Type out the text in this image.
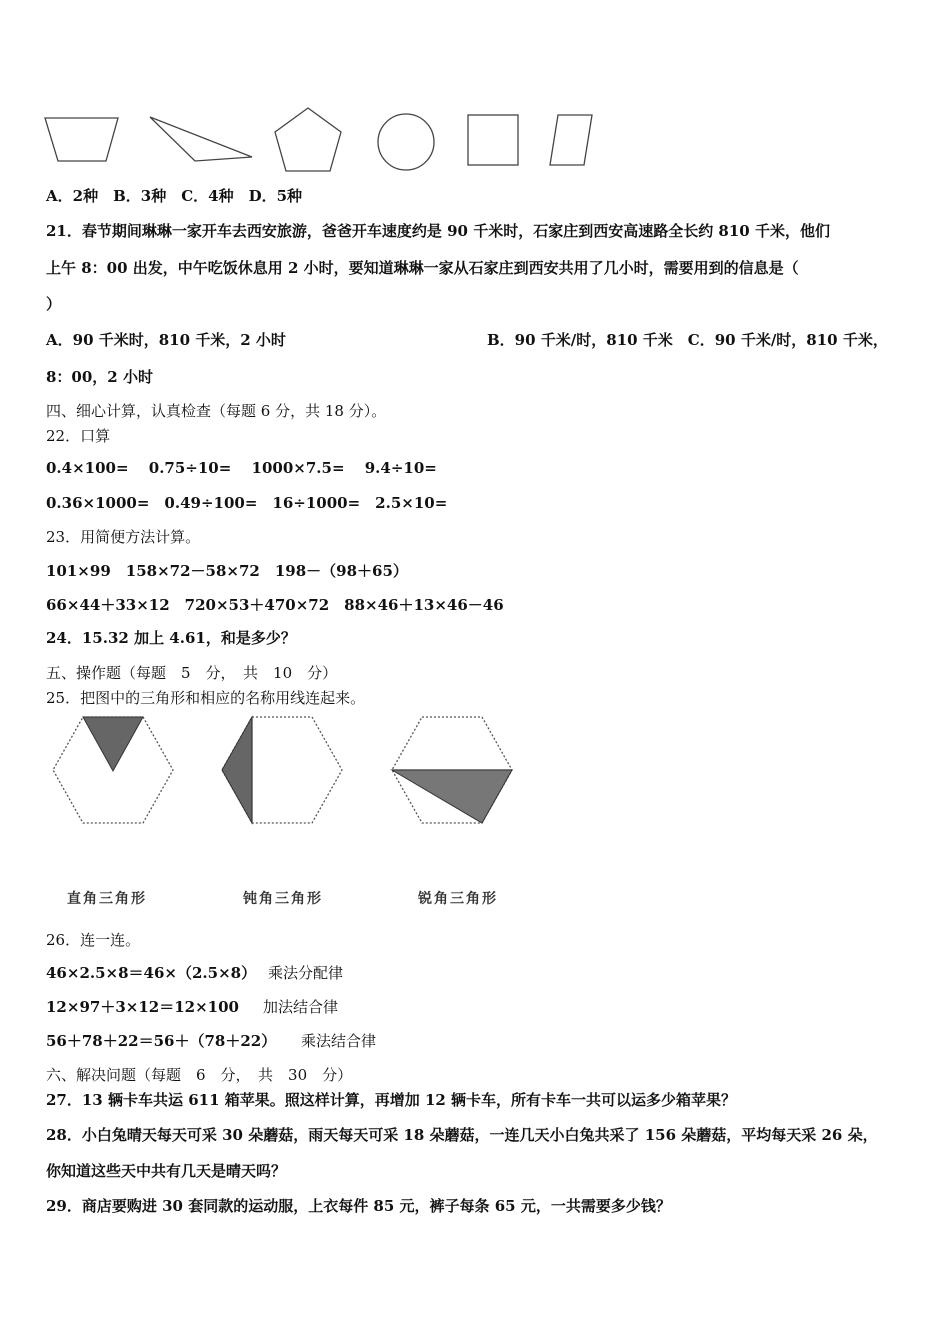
A．2种　B．3种　C．4种　D．5种
21．春节期间琳琳一家开车去西安旅游，爸爸开车速度约是 90 千米时，石家庄到西安高速路全长约 810 千米，他们
上午 8：00 出发，中午吃饭休息用 2 小时，要知道琳琳一家从石家庄到西安共用了几小时，需要用到的信息是（
）
A．90 千米时，810 千米，2 小时	B．90 千米/时，810 千米　C．90 千米/时，810 千米，
8：00，2 小时
四、细心计算，认真检查（每题 6 分，共 18 分）。
22．口算
0.4×100=　 0.75÷10=　 1000×7.5=　 9.4÷10=
0.36×1000=　0.49÷100=　16÷1000=　2.5×10=
23．用简便方法计算。
101×99　158×72－58×72　198－（98＋65）
66×44＋33×12　720×53＋470×72　88×46＋13×46－46
24．15.32 加上 4.61，和是多少？
五、操作题（每题　5　分，　共　10　分）
25．把图中的三角形和相应的名称用线连起来。
直角三角形	钝角三角形	锐角三角形
26．连一连。
46×2.5×8＝46×（2.5×8） 乘法分配律
12×97＋3×12＝12×100 加法结合律
56＋78＋22＝56＋（78＋22） 乘法结合律
六、解决问题（每题　6　分，　共　30　分）
27．13 辆卡车共运 611 箱苹果。照这样计算，再增加 12 辆卡车，所有卡车一共可以运多少箱苹果？
28．小白兔晴天每天可采 30 朵蘑菇，雨天每天可采 18 朵蘑菇，一连几天小白兔共采了 156 朵蘑菇，平均每天采 26 朵，
你知道这些天中共有几天是晴天吗？
29．商店要购进 30 套同款的运动服，上衣每件 85 元，裤子每条 65 元，一共需要多少钱？
